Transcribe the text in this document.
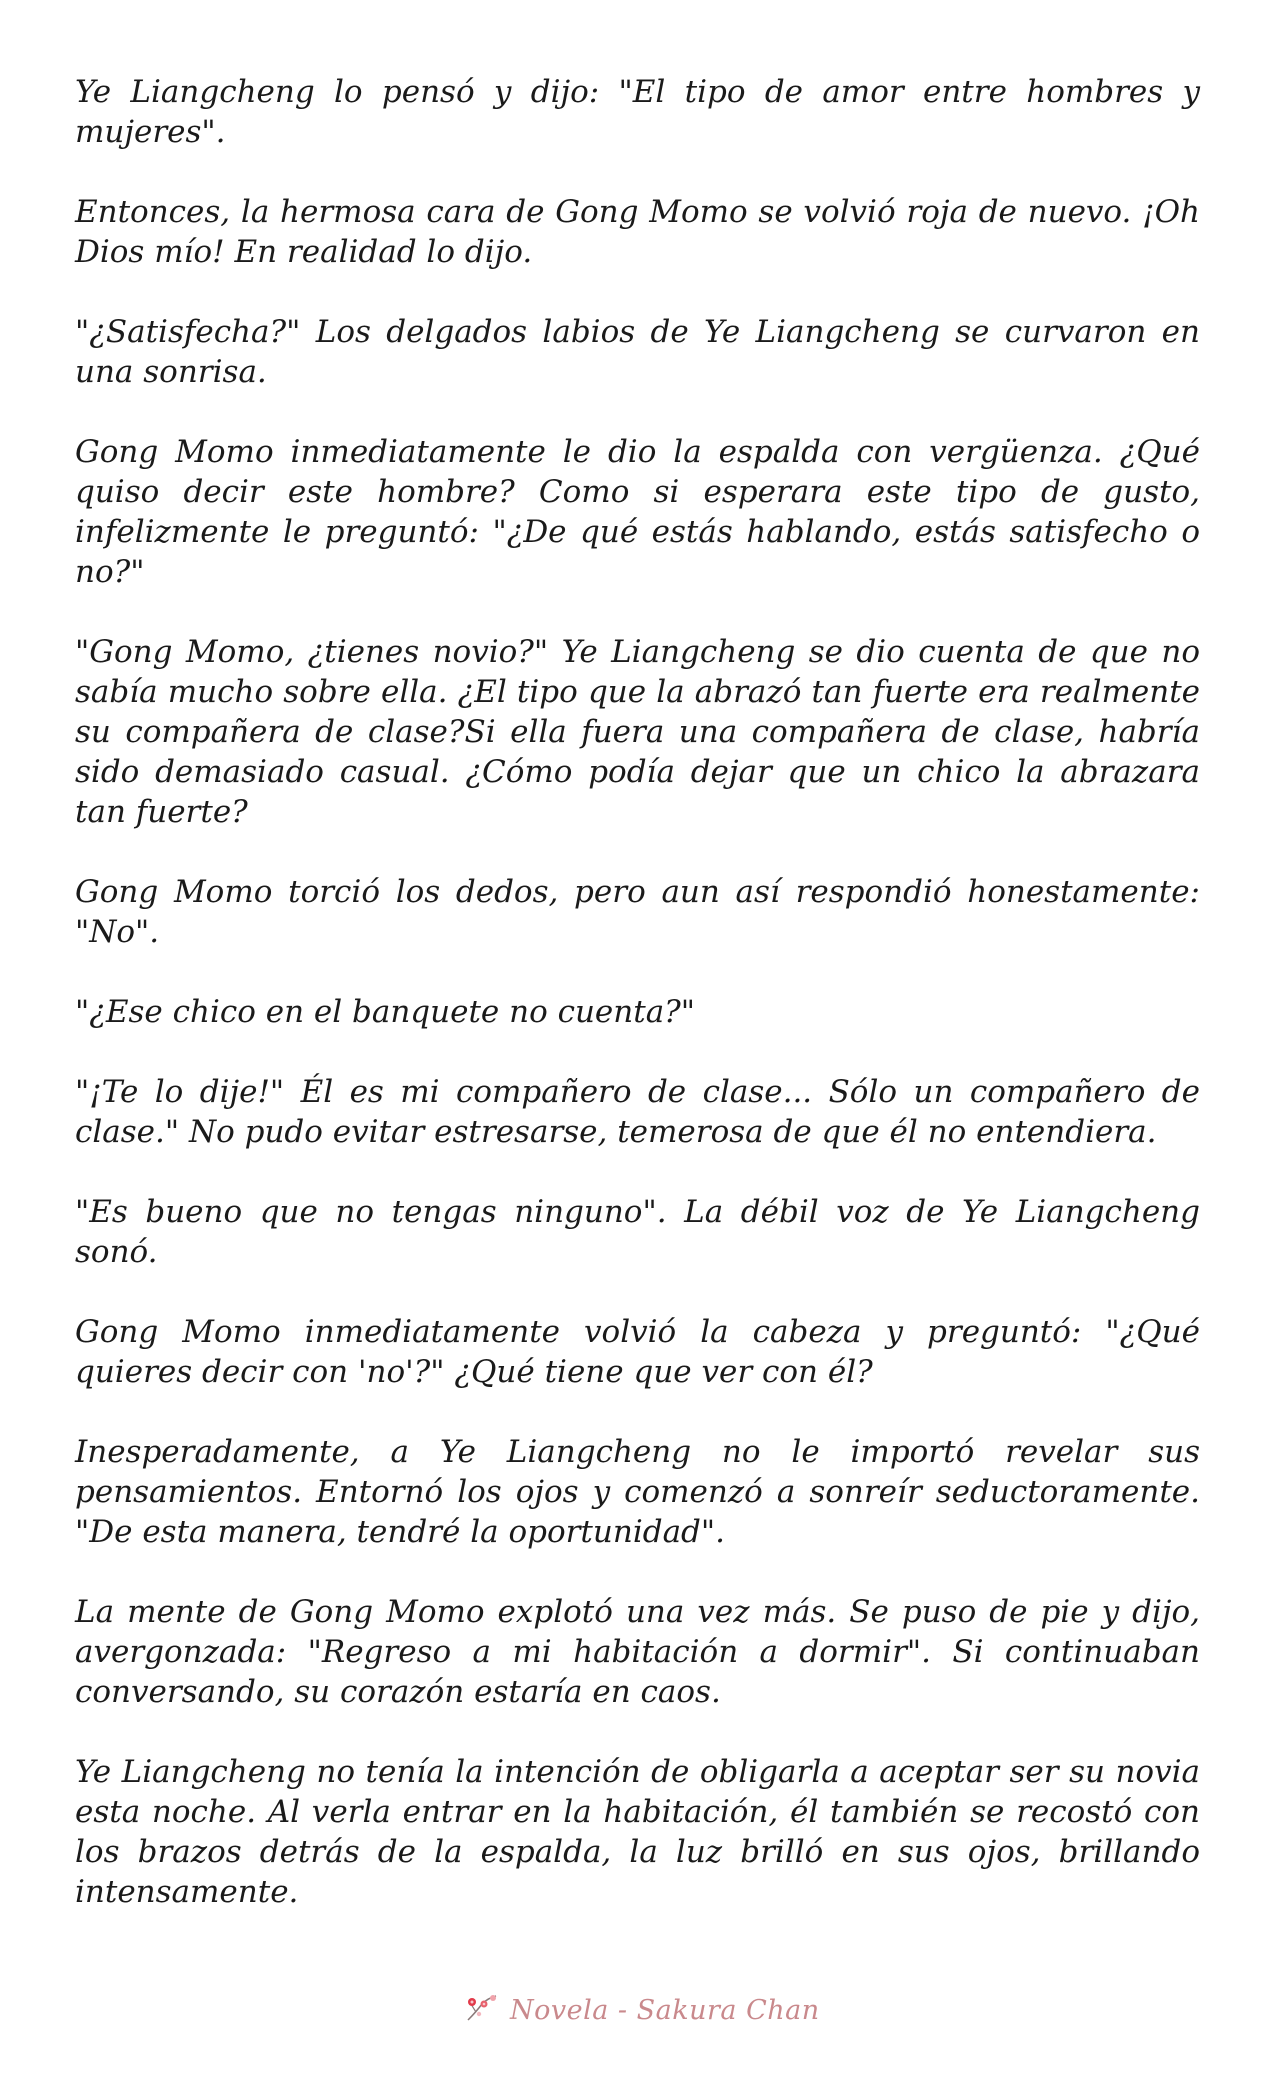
Ye Liangcheng lo pensó y dijo: "El tipo de amor entre hombres y mujeres".

Entonces, la hermosa cara de Gong Momo se volvió roja de nuevo. ¡Oh Dios mío! En realidad lo dijo.

"¿Satisfecha?" Los delgados labios de Ye Liangcheng se curvaron en una sonrisa.

Gong Momo inmediatamente le dio la espalda con vergüenza. ¿Qué quiso decir este hombre? Como si esperara este tipo de gusto, infelizmente le preguntó: "¿De qué estás hablando, estás satisfecho o no?"

"Gong Momo, ¿tienes novio?" Ye Liangcheng se dio cuenta de que no sabía mucho sobre ella. ¿El tipo que la abrazó tan fuerte era realmente su compañera de clase?Si ella fuera una compañera de clase, habría sido demasiado casual. ¿Cómo podía dejar que un chico la abrazara tan fuerte?

Gong Momo torció los dedos, pero aun así respondió honestamente: "No".

"¿Ese chico en el banquete no cuenta?"

"¡Te lo dije!" Él es mi compañero de clase... Sólo un compañero de clase." No pudo evitar estresarse, temerosa de que él no entendiera.

"Es bueno que no tengas ninguno". La débil voz de Ye Liangcheng sonó.

Gong Momo inmediatamente volvió la cabeza y preguntó: "¿Qué quieres decir con 'no'?" ¿Qué tiene que ver con él?

Inesperadamente, a Ye Liangcheng no le importó revelar sus pensamientos. Entornó los ojos y comenzó a sonreír seductoramente. "De esta manera, tendré la oportunidad".

La mente de Gong Momo explotó una vez más. Se puso de pie y dijo, avergonzada: "Regreso a mi habitación a dormir". Si continuaban conversando, su corazón estaría en caos.

Ye Liangcheng no tenía la intención de obligarla a aceptar ser su novia esta noche. Al verla entrar en la habitación, él también se recostó con los brazos detrás de la espalda, la luz brilló en sus ojos, brillando intensamente.

Novela - Sakura Chan
